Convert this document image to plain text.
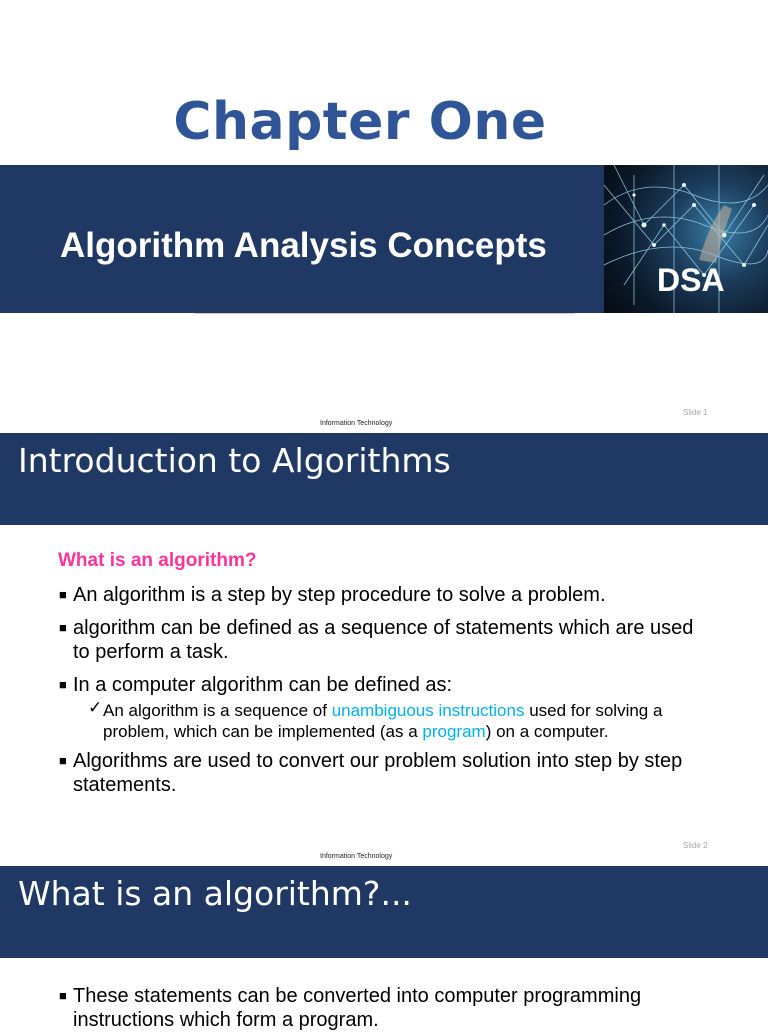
Chapter One
Algorithm Analysis Concepts
DSA
Slide 1
Information Technology
Introduction to Algorithms
What is an algorithm?
■ An algorithm is a step by step procedure to solve a problem.
■ algorithm can be defined as a sequence of statements which are used
to perform a task.
■ In a computer algorithm can be defined as:
✓ An algorithm is a sequence of unambiguous instructions used for solving a
problem, which can be implemented (as a program) on a computer.
■ Algorithms are used to convert our problem solution into step by step
statements.
Slide 2
Information Technology
What is an algorithm?...
■ These statements can be converted into computer programming
instructions which form a program.
